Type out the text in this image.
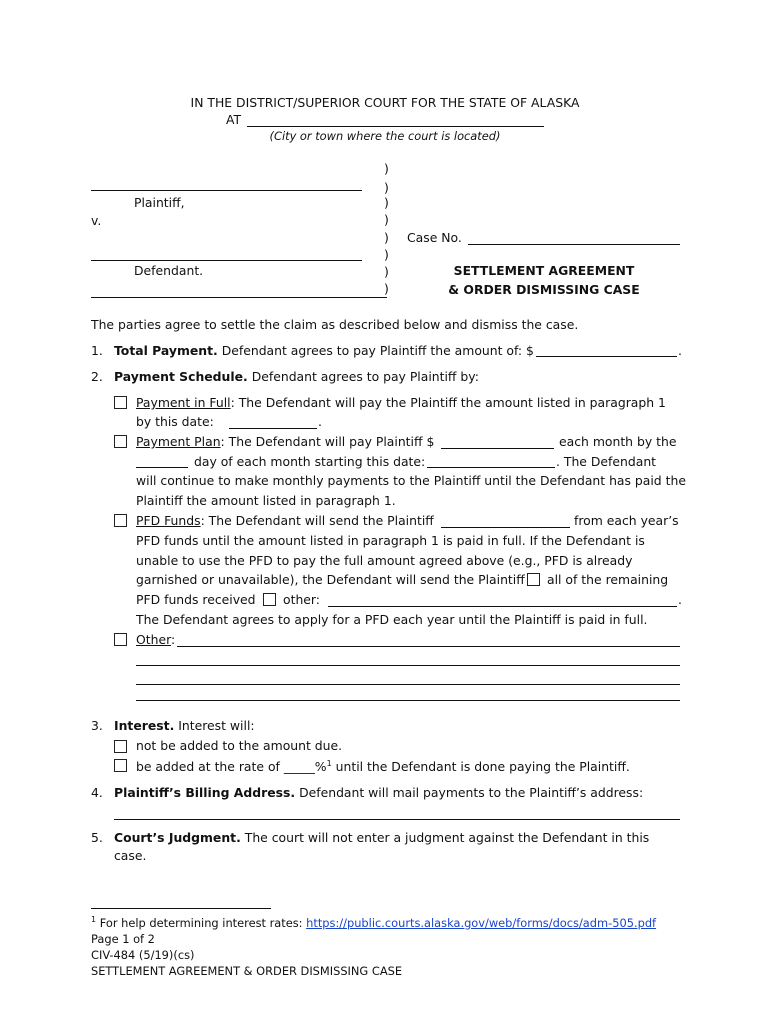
IN THE DISTRICT/SUPERIOR COURT FOR THE STATE OF ALASKA
AT
(City or town where the court is located)
)
)
)
)
)
)
)
)
Plaintiff,
v.
Defendant.
Case No.
SETTLEMENT AGREEMENT
& ORDER DISMISSING CASE
The parties agree to settle the claim as described below and dismiss the case.
1. Total Payment. Defendant agrees to pay Plaintiff the amount of: $	.
2. Payment Schedule. Defendant agrees to pay Plaintiff by:
Payment in Full: The Defendant will pay the Plaintiff the amount listed in paragraph 1
by this date:	.
Payment Plan: The Defendant will pay Plaintiff $	each month by the
day of each month starting this date:	. The Defendant
will continue to make monthly payments to the Plaintiff until the Defendant has paid the
Plaintiff the amount listed in paragraph 1.
PFD Funds: The Defendant will send the Plaintiff	from each year’s
PFD funds until the amount listed in paragraph 1 is paid in full. If the Defendant is
unable to use the PFD to pay the full amount agreed above (e.g., PFD is already
garnished or unavailable), the Defendant will send the Plaintiff all of the remaining
PFD funds received other:	.
The Defendant agrees to apply for a PFD each year until the Plaintiff is paid in full.
Other:
3. Interest. Interest will:
not be added to the amount due.
be added at the rate of _____%$^1$ until the Defendant is done paying the Plaintiff.
4. Plaintiff’s Billing Address. Defendant will mail payments to the Plaintiff’s address:
5. Court’s Judgment. The court will not enter a judgment against the Defendant in this
case.
$^1$ For help determining interest rates: https://public.courts.alaska.gov/web/forms/docs/adm-505.pdf
Page 1 of 2
CIV-484 (5/19)(cs)
SETTLEMENT AGREEMENT & ORDER DISMISSING CASE
